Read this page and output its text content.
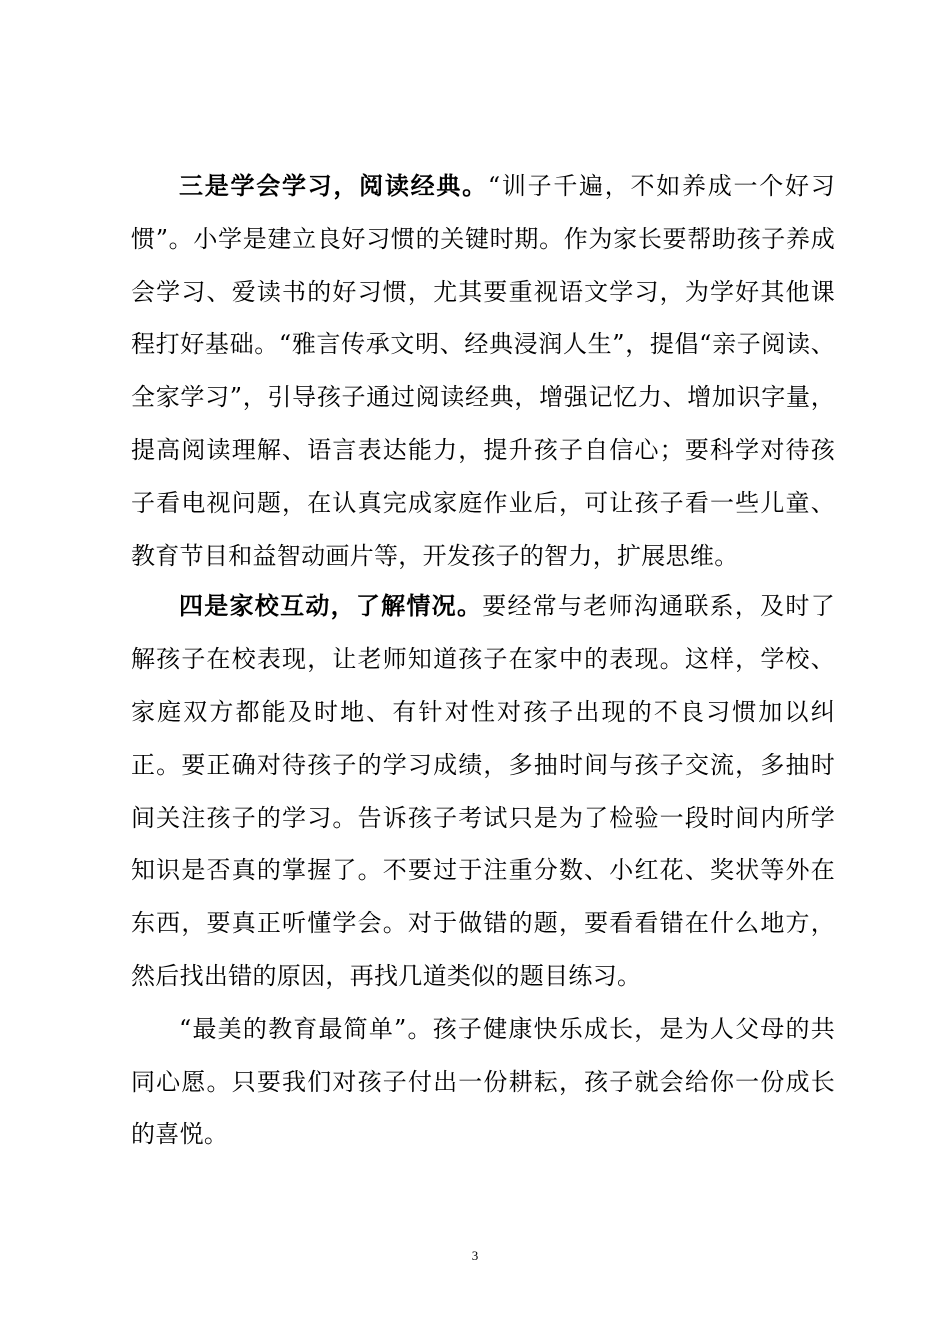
三是学会学习，阅读经典。“训子千遍，不如养成一个好习惯”。小学是建立良好习惯的关键时期。作为家长要帮助孩子养成会学习、爱读书的好习惯，尤其要重视语文学习，为学好其他课程打好基础。“雅言传承文明、经典浸润人生”，提倡“亲子阅读、全家学习”，引导孩子通过阅读经典，增强记忆力、增加识字量，提高阅读理解、语言表达能力，提升孩子自信心；要科学对待孩子看电视问题，在认真完成家庭作业后，可让孩子看一些儿童、教育节目和益智动画片等，开发孩子的智力，扩展思维。

四是家校互动，了解情况。要经常与老师沟通联系，及时了解孩子在校表现，让老师知道孩子在家中的表现。这样，学校、家庭双方都能及时地、有针对性对孩子出现的不良习惯加以纠正。要正确对待孩子的学习成绩，多抽时间与孩子交流，多抽时间关注孩子的学习。告诉孩子考试只是为了检验一段时间内所学知识是否真的掌握了。不要过于注重分数、小红花、奖状等外在东西，要真正听懂学会。对于做错的题，要看看错在什么地方，然后找出错的原因，再找几道类似的题目练习。

“最美的教育最简单”。孩子健康快乐成长，是为人父母的共同心愿。只要我们对孩子付出一份耕耘，孩子就会给你一份成长的喜悦。

3
